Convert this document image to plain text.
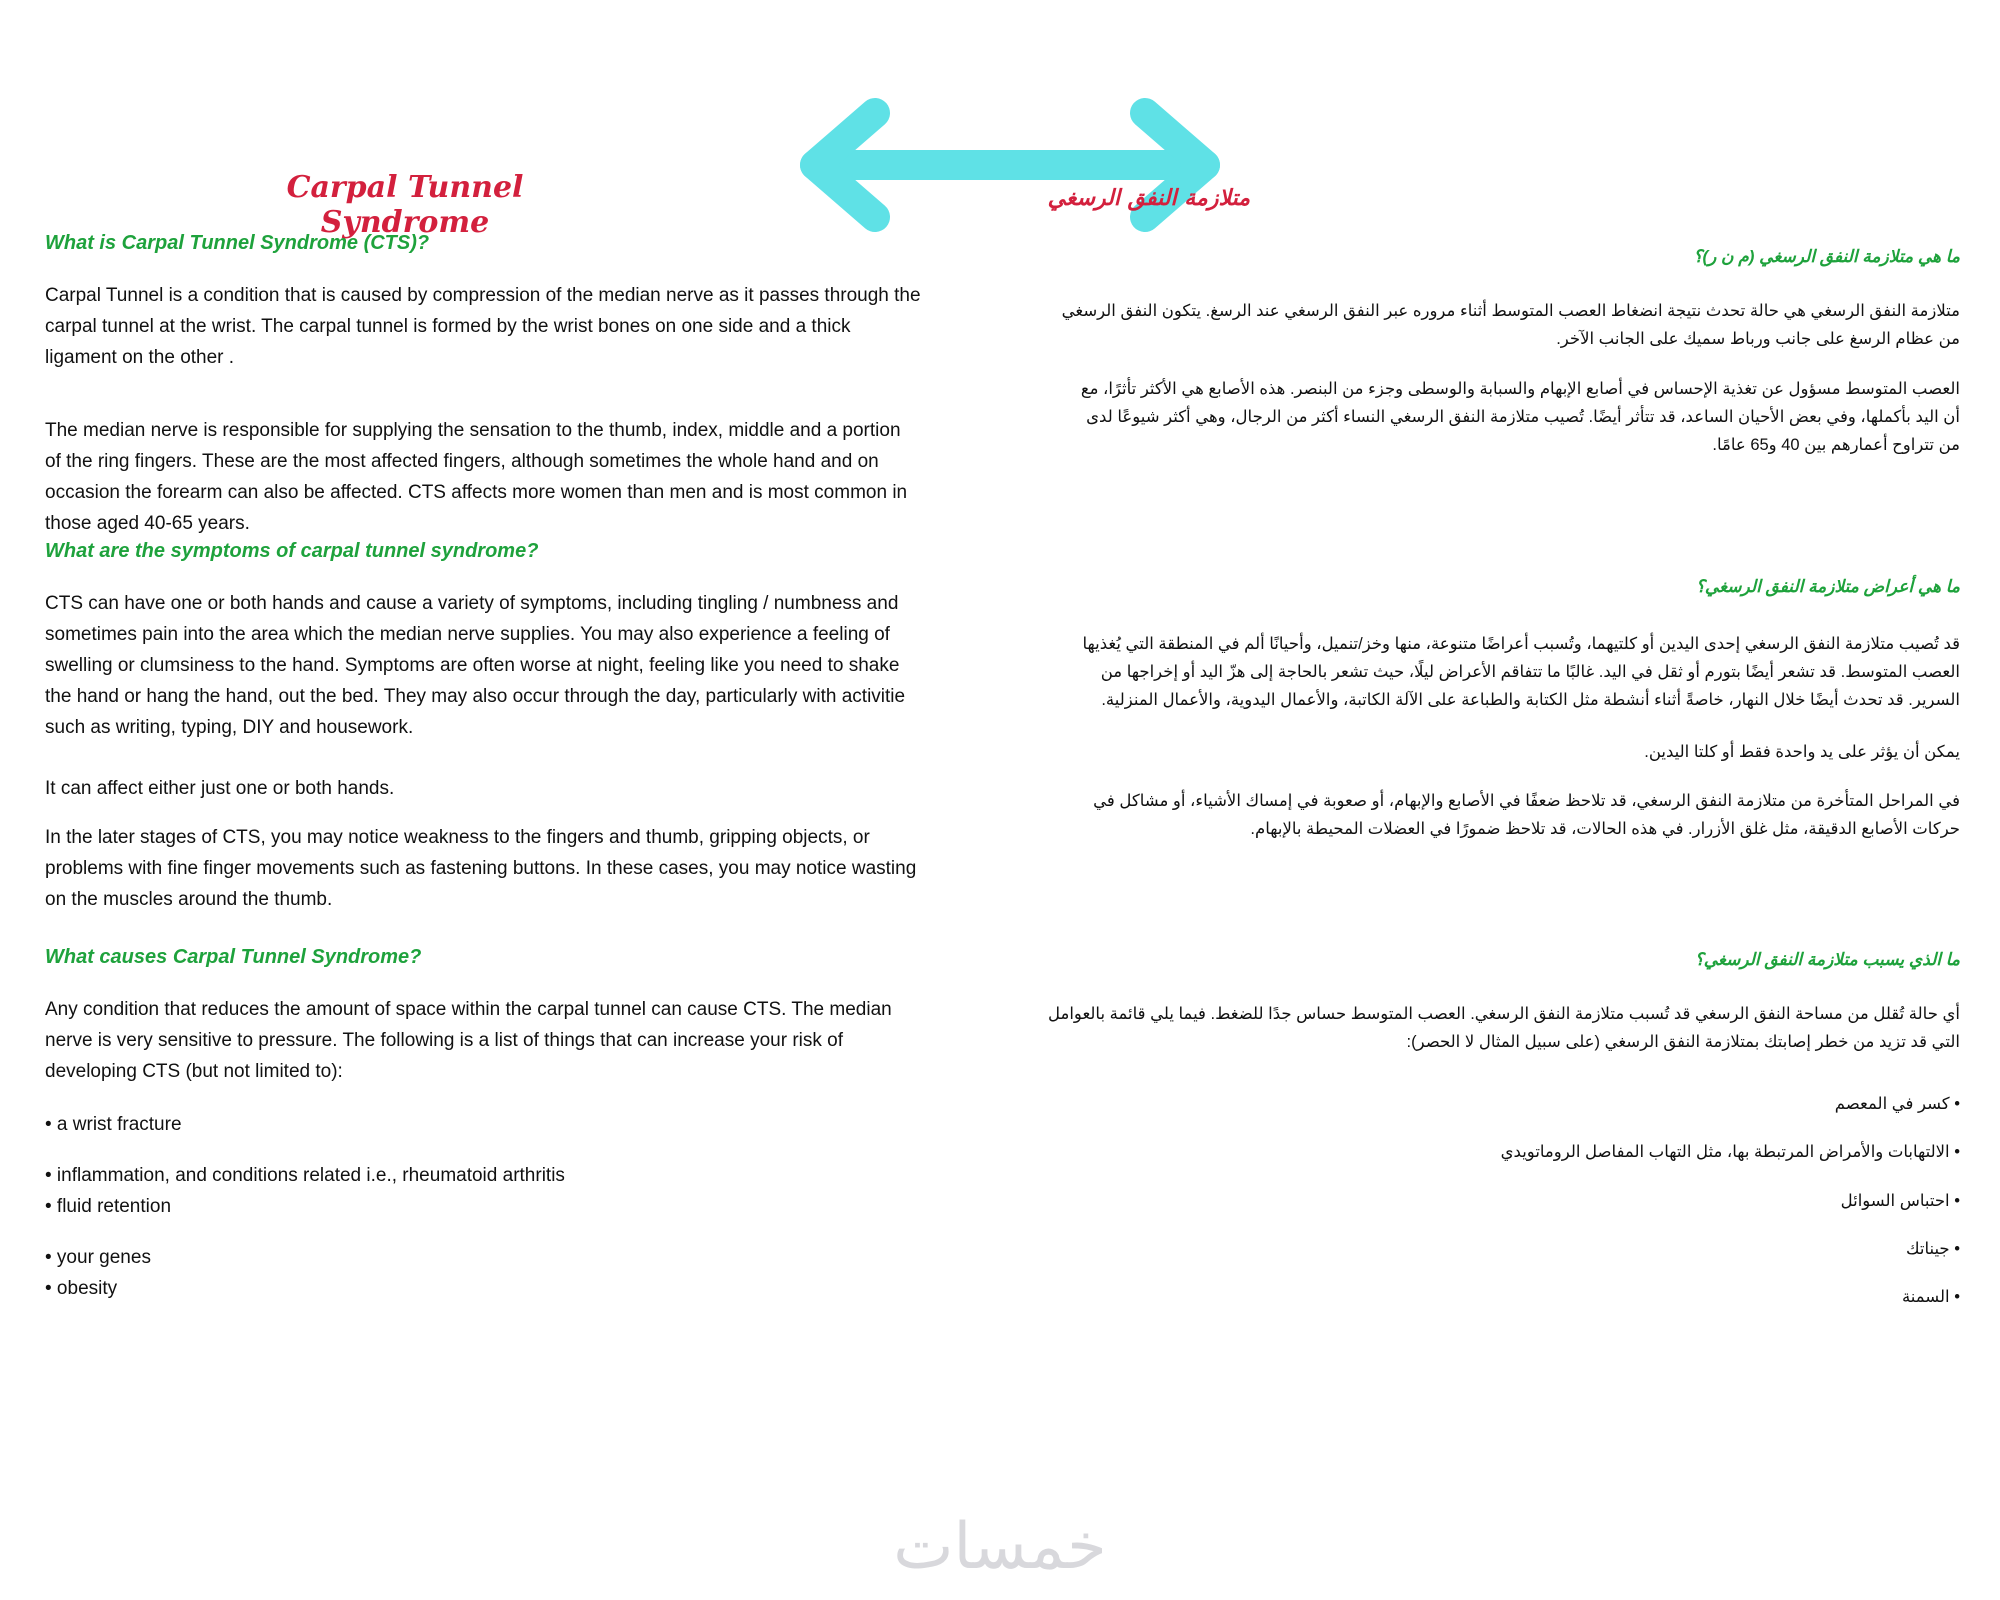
Carpal Tunnel Syndrome
What is Carpal Tunnel Syndrome (CTS)?
Carpal Tunnel is a condition that is caused by compression of the median nerve as it passes through the
carpal tunnel at the wrist. The carpal tunnel is formed by the wrist bones on one side and a thick
ligament on the other .
The median nerve is responsible for supplying the sensation to the thumb, index, middle and a portion
of the ring fingers. These are the most affected fingers, although sometimes the whole hand and on
occasion the forearm can also be affected. CTS affects more women than men and is most common in
those aged 40-65 years.
What are the symptoms of carpal tunnel syndrome?
CTS can have one or both hands and cause a variety of symptoms, including tingling / numbness and
sometimes pain into the area which the median nerve supplies. You may also experience a feeling of
swelling or clumsiness to the hand. Symptoms are often worse at night, feeling like you need to shake
the hand or hang the hand, out the bed. They may also occur through the day, particularly with activitie
such as writing, typing, DIY and housework.
It can affect either just one or both hands.
In the later stages of CTS, you may notice weakness to the fingers and thumb, gripping objects, or
problems with fine finger movements such as fastening buttons. In these cases, you may notice wasting
on the muscles around the thumb.
What causes Carpal Tunnel Syndrome?
Any condition that reduces the amount of space within the carpal tunnel can cause CTS. The median
nerve is very sensitive to pressure. The following is a list of things that can increase your risk of
developing CTS (but not limited to):
• a wrist fracture
• inflammation, and conditions related i.e., rheumatoid arthritis
• fluid retention
• your genes
• obesity
متلازمة النفق الرسغي
ما هي متلازمة النفق الرسغي (م ن ر)؟
متلازمة النفق الرسغي هي حالة تحدث نتيجة انضغاط العصب المتوسط أثناء مروره عبر النفق الرسغي عند الرسغ. يتكون النفق الرسغي
من عظام الرسغ على جانب ورباط سميك على الجانب الآخر.
العصب المتوسط مسؤول عن تغذية الإحساس في أصابع الإبهام والسبابة والوسطى وجزء من البنصر. هذه الأصابع هي الأكثر تأثرًا، مع
أن اليد بأكملها، وفي بعض الأحيان الساعد، قد تتأثر أيضًا. تُصيب متلازمة النفق الرسغي النساء أكثر من الرجال، وهي أكثر شيوعًا لدى
من تتراوح أعمارهم بين 40 و65 عامًا.
ما هي أعراض متلازمة النفق الرسغي؟
قد تُصيب متلازمة النفق الرسغي إحدى اليدين أو كلتيهما، وتُسبب أعراضًا متنوعة، منها وخز/تنميل، وأحيانًا ألم في المنطقة التي يُغذيها
العصب المتوسط. قد تشعر أيضًا بتورم أو ثقل في اليد. غالبًا ما تتفاقم الأعراض ليلًا، حيث تشعر بالحاجة إلى هزّ اليد أو إخراجها من
السرير. قد تحدث أيضًا خلال النهار، خاصةً أثناء أنشطة مثل الكتابة والطباعة على الآلة الكاتبة، والأعمال اليدوية، والأعمال المنزلية.
يمكن أن يؤثر على يد واحدة فقط أو كلتا اليدين.
في المراحل المتأخرة من متلازمة النفق الرسغي، قد تلاحظ ضعفًا في الأصابع والإبهام، أو صعوبة في إمساك الأشياء، أو مشاكل في
حركات الأصابع الدقيقة، مثل غلق الأزرار. في هذه الحالات، قد تلاحظ ضمورًا في العضلات المحيطة بالإبهام.
ما الذي يسبب متلازمة النفق الرسغي؟
أي حالة تُقلل من مساحة النفق الرسغي قد تُسبب متلازمة النفق الرسغي. العصب المتوسط حساس جدًا للضغط. فيما يلي قائمة بالعوامل
التي قد تزيد من خطر إصابتك بمتلازمة النفق الرسغي (على سبيل المثال لا الحصر):
• كسر في المعصم
• الالتهابات والأمراض المرتبطة بها، مثل التهاب المفاصل الروماتويدي
• احتباس السوائل
• جيناتك
• السمنة
خمسات
